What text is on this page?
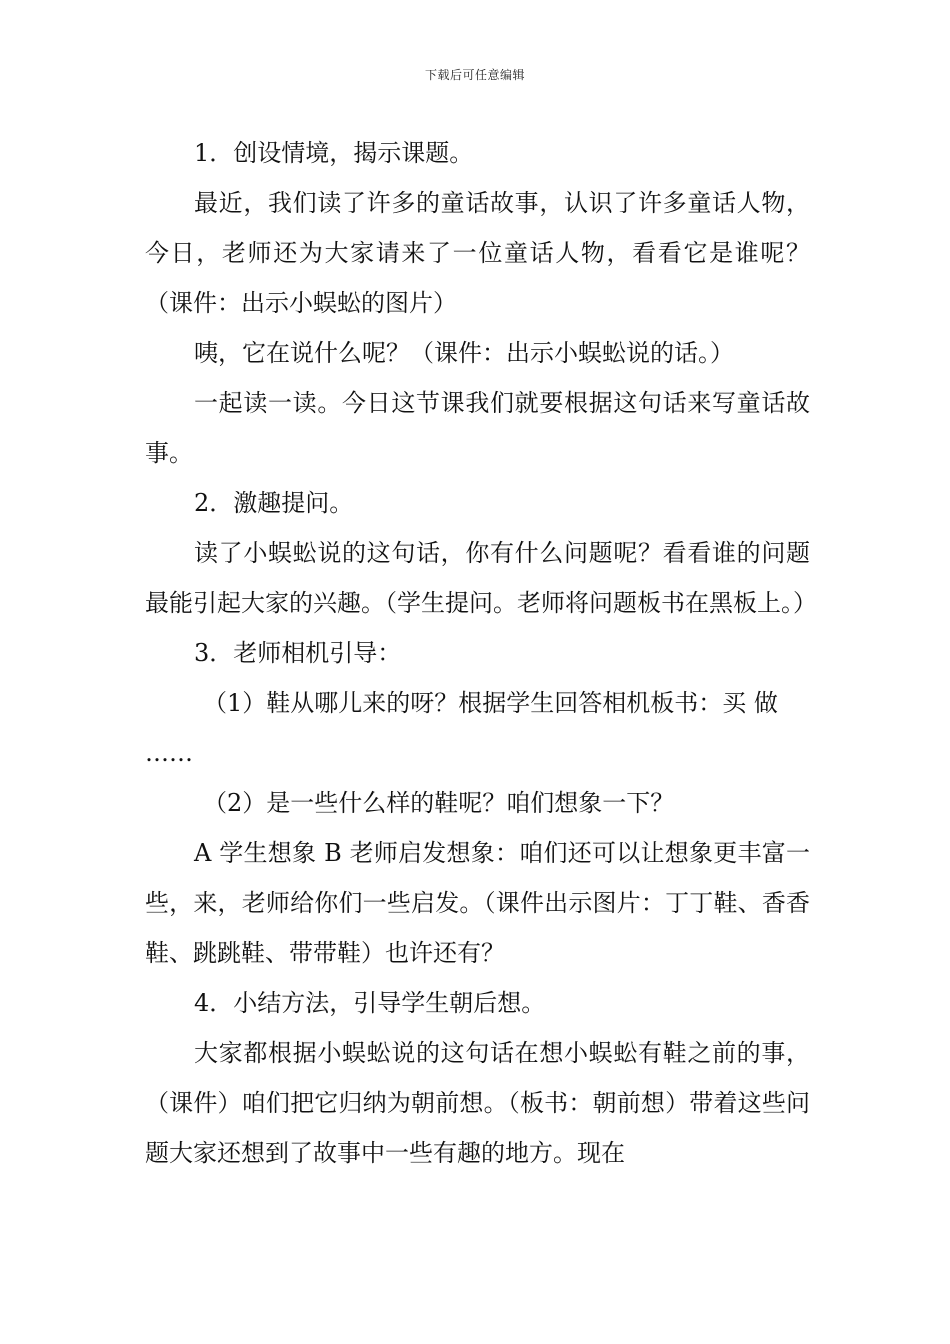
下载后可任意编辑

1．创设情境，揭示课题。

最近，我们读了许多的童话故事，认识了许多童话人物，今日，老师还为大家请来了一位童话人物，看看它是谁呢？（课件：出示小蜈蚣的图片）

咦，它在说什么呢？（课件：出示小蜈蚣说的话。）

一起读一读。今日这节课我们就要根据这句话来写童话故事。

2．激趣提问。

读了小蜈蚣说的这句话，你有什么问题呢？看看谁的问题最能引起大家的兴趣。（学生提问。老师将问题板书在黑板上。）

3．老师相机引导：

（1）鞋从哪儿来的呀？根据学生回答相机板书：买 做

……

（2）是一些什么样的鞋呢？咱们想象一下？

A 学生想象 B 老师启发想象：咱们还可以让想象更丰富一些，来，老师给你们一些启发。（课件出示图片：丁丁鞋、香香鞋、跳跳鞋、带带鞋）也许还有？

4．小结方法，引导学生朝后想。

大家都根据小蜈蚣说的这句话在想小蜈蚣有鞋之前的事，（课件）咱们把它归纳为朝前想。（板书：朝前想）带着这些问题大家还想到了故事中一些有趣的地方。现在
